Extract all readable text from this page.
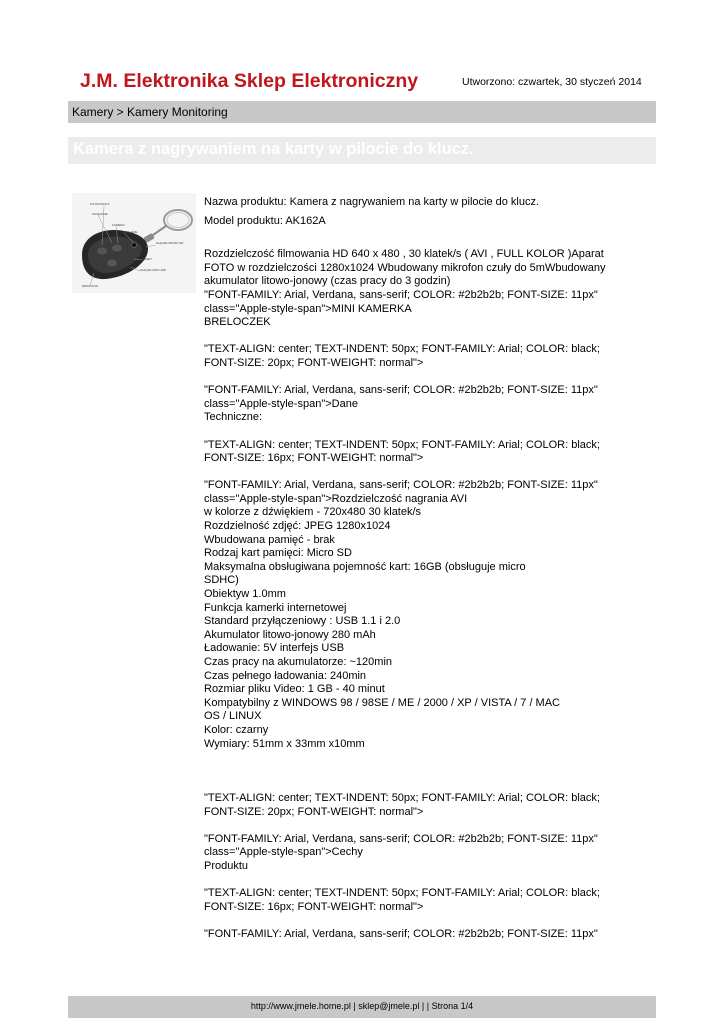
J.M. Elektronika Sklep Elektroniczny	Utworzono: czwartek, 30 styczeń 2014
Kamery > Kamery Monitoring
Kamera z nagrywaniem na karty w pilocie do klucz.
FOTOGRAFIA
NAGRANIE
KAMERA
ZASILANIE
ZŁĄCZE MICRO SD
RESET
ZŁĄCZE MINI USB
MIKROFON

Nazwa produktu: Kamera z nagrywaniem na karty w pilocie do klucz.

Model produktu: AK162A

Rozdzielczość filmowania HD 640 x 480 , 30 klatek/s ( AVI , FULL KOLOR )Aparat

FOTO w rozdzielczości 1280x1024 Wbudowany mikrofon czuły do 5mWbudowany

akumulator litowo-jonowy (czas pracy do 3 godzin)

"FONT-FAMILY: Arial, Verdana, sans-serif; COLOR: #2b2b2b; FONT-SIZE: 11px"

class="Apple-style-span">MINI KAMERKA

BRELOCZEK

"TEXT-ALIGN: center; TEXT-INDENT: 50px; FONT-FAMILY: Arial; COLOR: black;

FONT-SIZE: 20px; FONT-WEIGHT: normal">

"FONT-FAMILY: Arial, Verdana, sans-serif; COLOR: #2b2b2b; FONT-SIZE: 11px"

class="Apple-style-span">Dane

Techniczne:

"TEXT-ALIGN: center; TEXT-INDENT: 50px; FONT-FAMILY: Arial; COLOR: black;

FONT-SIZE: 16px; FONT-WEIGHT: normal">

"FONT-FAMILY: Arial, Verdana, sans-serif; COLOR: #2b2b2b; FONT-SIZE: 11px"

class="Apple-style-span">Rozdzielczość nagrania AVI

w kolorze z dźwiękiem - 720x480 30 klatek/s

Rozdzielność zdjęć: JPEG 1280x1024

Wbudowana pamięć - brak

Rodzaj kart pamięci: Micro SD

Maksymalna obsługiwana pojemność kart: 16GB (obsługuje micro

SDHC)

Obiektyw 1.0mm

Funkcja kamerki internetowej

Standard przyłączeniowy : USB 1.1 i 2.0

Akumulator litowo-jonowy 280 mAh

Ładowanie: 5V interfejs USB

Czas pracy na akumulatorze: ~120min

Czas pełnego ładowania: 240min

Rozmiar pliku Video: 1 GB - 40 minut

Kompatybilny z WINDOWS 98 / 98SE / ME / 2000 / XP / VISTA / 7 / MAC

OS / LINUX

Kolor: czarny

Wymiary: 51mm x 33mm x10mm

"TEXT-ALIGN: center; TEXT-INDENT: 50px; FONT-FAMILY: Arial; COLOR: black;

FONT-SIZE: 20px; FONT-WEIGHT: normal">

"FONT-FAMILY: Arial, Verdana, sans-serif; COLOR: #2b2b2b; FONT-SIZE: 11px"

class="Apple-style-span">Cechy

Produktu

"TEXT-ALIGN: center; TEXT-INDENT: 50px; FONT-FAMILY: Arial; COLOR: black;

FONT-SIZE: 16px; FONT-WEIGHT: normal">

"FONT-FAMILY: Arial, Verdana, sans-serif; COLOR: #2b2b2b; FONT-SIZE: 11px"

http://www.jmele.home.pl | sklep@jmele.pl | | Strona 1/4
